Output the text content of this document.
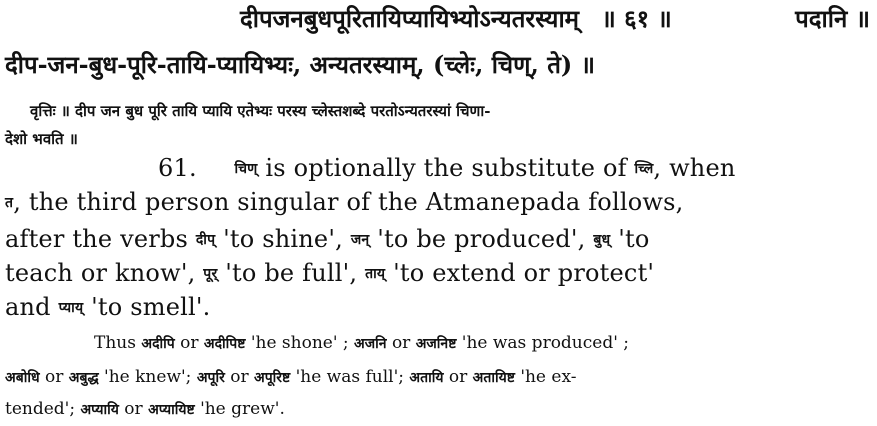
दीपजनबुधपूरितायिप्यायिभ्योऽन्यतरस्याम् ॥ ६१ ॥	पदानि ॥
दीप-जन-बुध-पूरि-तायि-प्यायिभ्यः, अन्यतरस्याम्, (च्लेः, चिण्, ते) ॥
वृत्तिः ॥ दीप जन बुध पूरि तायि प्यायि एतेभ्यः परस्य च्लेस्तशब्दे परतोऽन्यतरस्यां चिणा-
देशो भवति ॥
61.	चिण् is optionally the substitute of च्लि, when
त, the third person singular of the Atmanepada follows,
after the verbs दीप् 'to shine', जन् 'to be produced', बुध् 'to
teach or know', पूर् 'to be full', ताय् 'to extend or protect'
and प्याय् 'to smell'.
Thus अदीपि or अदीपिष्ट 'he shone' ; अजनि or अजनिष्ट 'he was produced' ;
अबोधि or अबुद्ध 'he knew'; अपूरि or अपूरिष्ट 'he was full'; अतायि or अतायिष्ट 'he ex-
tended'; अप्यायि or अप्यायिष्ट 'he grew'.
